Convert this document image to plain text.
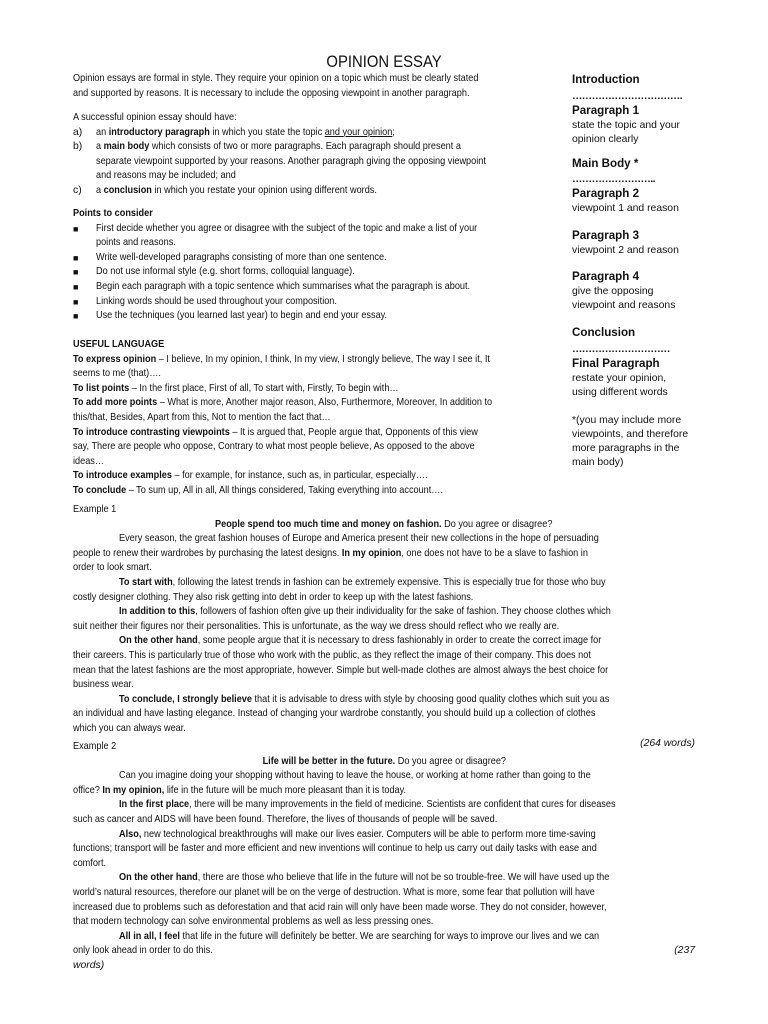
OPINION ESSAY
Opinion essays are formal in style. They require your opinion on a topic which must be clearly stated
and supported by reasons. It is necessary to include the opposing viewpoint in another paragraph.
A successful opinion essay should have:
a) an introductory paragraph in which you state the topic and your opinion;
b) a main body which consists of two or more paragraphs. Each paragraph should present a
separate viewpoint supported by your reasons. Another paragraph giving the opposing viewpoint
and reasons may be included; and
c) a conclusion in which you restate your opinion using different words.
Points to consider
■ First decide whether you agree or disagree with the subject of the topic and make a list of your
points and reasons.
■ Write well-developed paragraphs consisting of more than one sentence.
■ Do not use informal style (e.g. short forms, colloquial language).
■ Begin each paragraph with a topic sentence which summarises what the paragraph is about.
■ Linking words should be used throughout your composition.
■ Use the techniques (you learned last year) to begin and end your essay.
USEFUL LANGUAGE
To express opinion – I believe, In my opinion, I think, In my view, I strongly believe, The way I see it, It
seems to me (that)….
To list points – In the first place, First of all, To start with, Firstly, To begin with…
To add more points – What is more, Another major reason, Also, Furthermore, Moreover, In addition to
this/that, Besides, Apart from this, Not to mention the fact that…
To introduce contrasting viewpoints – It is argued that, People argue that, Opponents of this view
say, There are people who oppose, Contrary to what most people believe, As opposed to the above
ideas…
To introduce examples – for example, for instance, such as, in particular, especially….
To conclude – To sum up, All in all, All things considered, Taking everything into account….
Introduction
…………………………….
Paragraph 1
state the topic and your
opinion clearly
Main Body *
……………………..
Paragraph 2
viewpoint 1 and reason
Paragraph 3
viewpoint 2 and reason
Paragraph 4
give the opposing
viewpoint and reasons
Conclusion
…………………………
Final Paragraph
restate your opinion,
using different words
*(you may include more
viewpoints, and therefore
more paragraphs in the
main body)
Example 1
People spend too much time and money on fashion. Do you agree or disagree?
Every season, the great fashion houses of Europe and America present their new collections in the hope of persuading
people to renew their wardrobes by purchasing the latest designs. In my opinion, one does not have to be a slave to fashion in
order to look smart.
To start with, following the latest trends in fashion can be extremely expensive. This is especially true for those who buy
costly designer clothing. They also risk getting into debt in order to keep up with the latest fashions.
In addition to this, followers of fashion often give up their individuality for the sake of fashion. They choose clothes which
suit neither their figures nor their personalities. This is unfortunate, as the way we dress should reflect who we really are.
On the other hand, some people argue that it is necessary to dress fashionably in order to create the correct image for
their careers. This is particularly true of those who work with the public, as they reflect the image of their company. This does not
mean that the latest fashions are the most appropriate, however. Simple but well-made clothes are almost always the best choice for
business wear.
To conclude, I strongly believe that it is advisable to dress with style by choosing good quality clothes which suit you as
an individual and have lasting elegance. Instead of changing your wardrobe constantly, you should build up a collection of clothes
which you can always wear.
(264 words)
Example 2
Life will be better in the future. Do you agree or disagree?
Can you imagine doing your shopping without having to leave the house, or working at home rather than going to the
office? In my opinion, life in the future will be much more pleasant than it is today.
In the first place, there will be many improvements in the field of medicine. Scientists are confident that cures for diseases
such as cancer and AIDS will have been found. Therefore, the lives of thousands of people will be saved.
Also, new technological breakthroughs will make our lives easier. Computers will be able to perform more time-saving
functions; transport will be faster and more efficient and new inventions will continue to help us carry out daily tasks with ease and
comfort.
On the other hand, there are those who believe that life in the future will not be so trouble-free. We will have used up the
world’s natural resources, therefore our planet will be on the verge of destruction. What is more, some fear that pollution will have
increased due to problems such as deforestation and that acid rain will only have been made worse. They do not consider, however,
that modern technology can solve environmental problems as well as less pressing ones.
All in all, I feel that life in the future will definitely be better. We are searching for ways to improve our lives and we can
only look ahead in order to do this.	(237
words)
